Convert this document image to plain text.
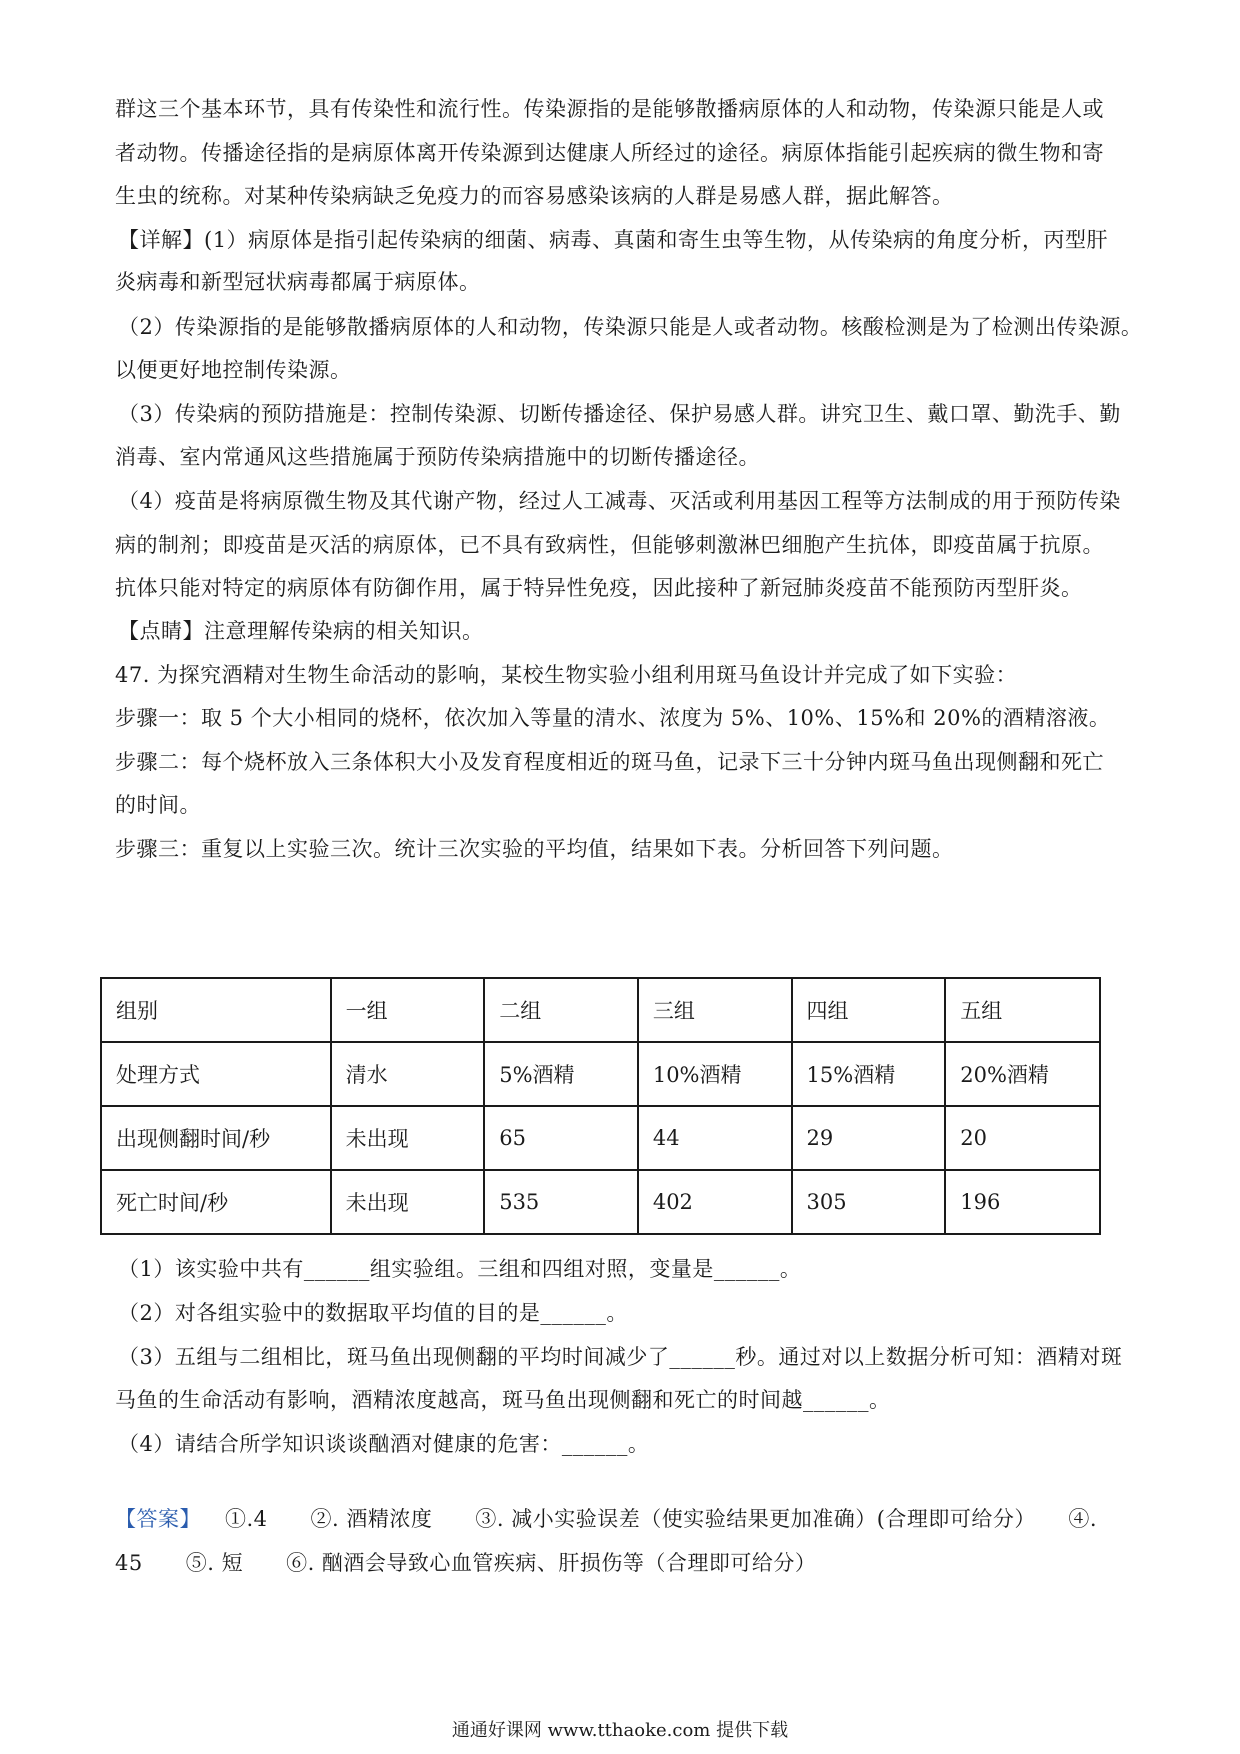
群这三个基本环节，具有传染性和流行性。传染源指的是能够散播病原体的人和动物，传染源只能是人或
者动物。传播途径指的是病原体离开传染源到达健康人所经过的途径。病原体指能引起疾病的微生物和寄
生虫的统称。对某种传染病缺乏免疫力的而容易感染该病的人群是易感人群，据此解答。
【详解】(1）病原体是指引起传染病的细菌、病毒、真菌和寄生虫等生物，从传染病的角度分析，丙型肝
炎病毒和新型冠状病毒都属于病原体。
（2）传染源指的是能够散播病原体的人和动物，传染源只能是人或者动物。核酸检测是为了检测出传染源。
以便更好地控制传染源。
（3）传染病的预防措施是：控制传染源、切断传播途径、保护易感人群。讲究卫生、戴口罩、勤洗手、勤
消毒、室内常通风这些措施属于预防传染病措施中的切断传播途径。
（4）疫苗是将病原微生物及其代谢产物，经过人工减毒、灭活或利用基因工程等方法制成的用于预防传染
病的制剂；即疫苗是灭活的病原体，已不具有致病性，但能够刺激淋巴细胞产生抗体，即疫苗属于抗原。
抗体只能对特定的病原体有防御作用，属于特异性免疫，因此接种了新冠肺炎疫苗不能预防丙型肝炎。
【点睛】注意理解传染病的相关知识。
47. 为探究酒精对生物生命活动的影响，某校生物实验小组利用斑马鱼设计并完成了如下实验：
步骤一：取 5 个大小相同的烧杯，依次加入等量的清水、浓度为 5%、10%、15%和 20%的酒精溶液。
步骤二：每个烧杯放入三条体积大小及发育程度相近的斑马鱼，记录下三十分钟内斑马鱼出现侧翻和死亡
的时间。
步骤三：重复以上实验三次。统计三次实验的平均值，结果如下表。分析回答下列问题。
组别	一组	二组	三组	四组	五组
处理方式	清水	5%酒精	10%酒精	15%酒精	20%酒精
出现侧翻时间/秒	未出现	65	44	29	20
死亡时间/秒	未出现	535	402	305	196
（1）该实验中共有______组实验组。三组和四组对照，变量是______。
（2）对各组实验中的数据取平均值的目的是______。
（3）五组与二组相比，斑马鱼出现侧翻的平均时间减少了______秒。通过对以上数据分析可知：酒精对斑
马鱼的生命活动有影响，酒精浓度越高，斑马鱼出现侧翻和死亡的时间越______。
（4）请结合所学知识谈谈酗酒对健康的危害：______。
【答案】 ①.4　　②. 酒精浓度　　③. 减小实验误差（使实验结果更加准确）(合理即可给分）　　④.
45　　⑤. 短　　⑥. 酗酒会导致心血管疾病、肝损伤等（合理即可给分）
通通好课网 www.tthaoke.com 提供下载
